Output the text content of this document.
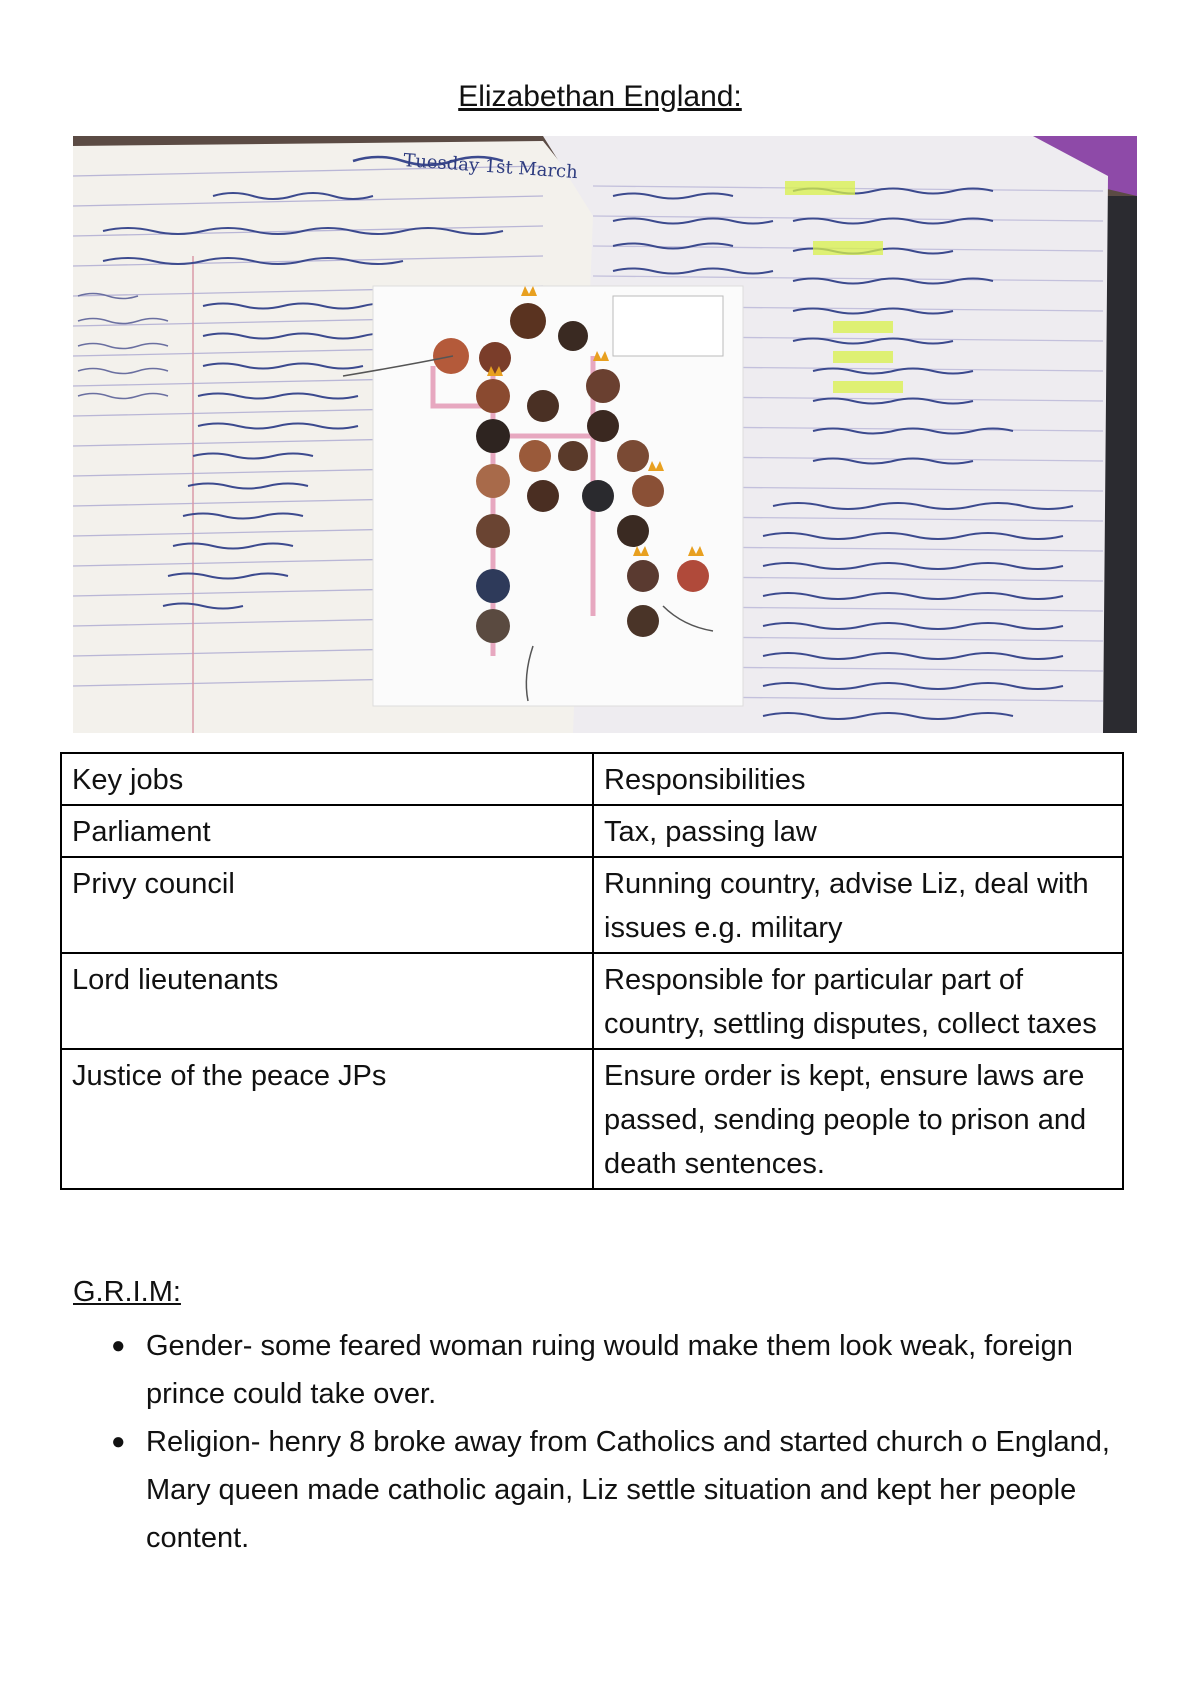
Elizabethan England:
Tuesday 1st March
Key jobs	Responsibilities
Parliament	Tax, passing law
Privy council	Running country, advise Liz, deal with issues e.g. military
Lord lieutenants	Responsible for particular part of country, settling disputes, collect taxes
Justice of the peace JPs	Ensure order is kept, ensure laws are passed, sending people to prison and death sentences.
G.R.I.M:
● Gender- some feared woman ruing would make them look weak, foreign prince could take over.
● Religion- henry 8 broke away from Catholics and started church o England, Mary queen made catholic again, Liz settle situation and kept her people content.
